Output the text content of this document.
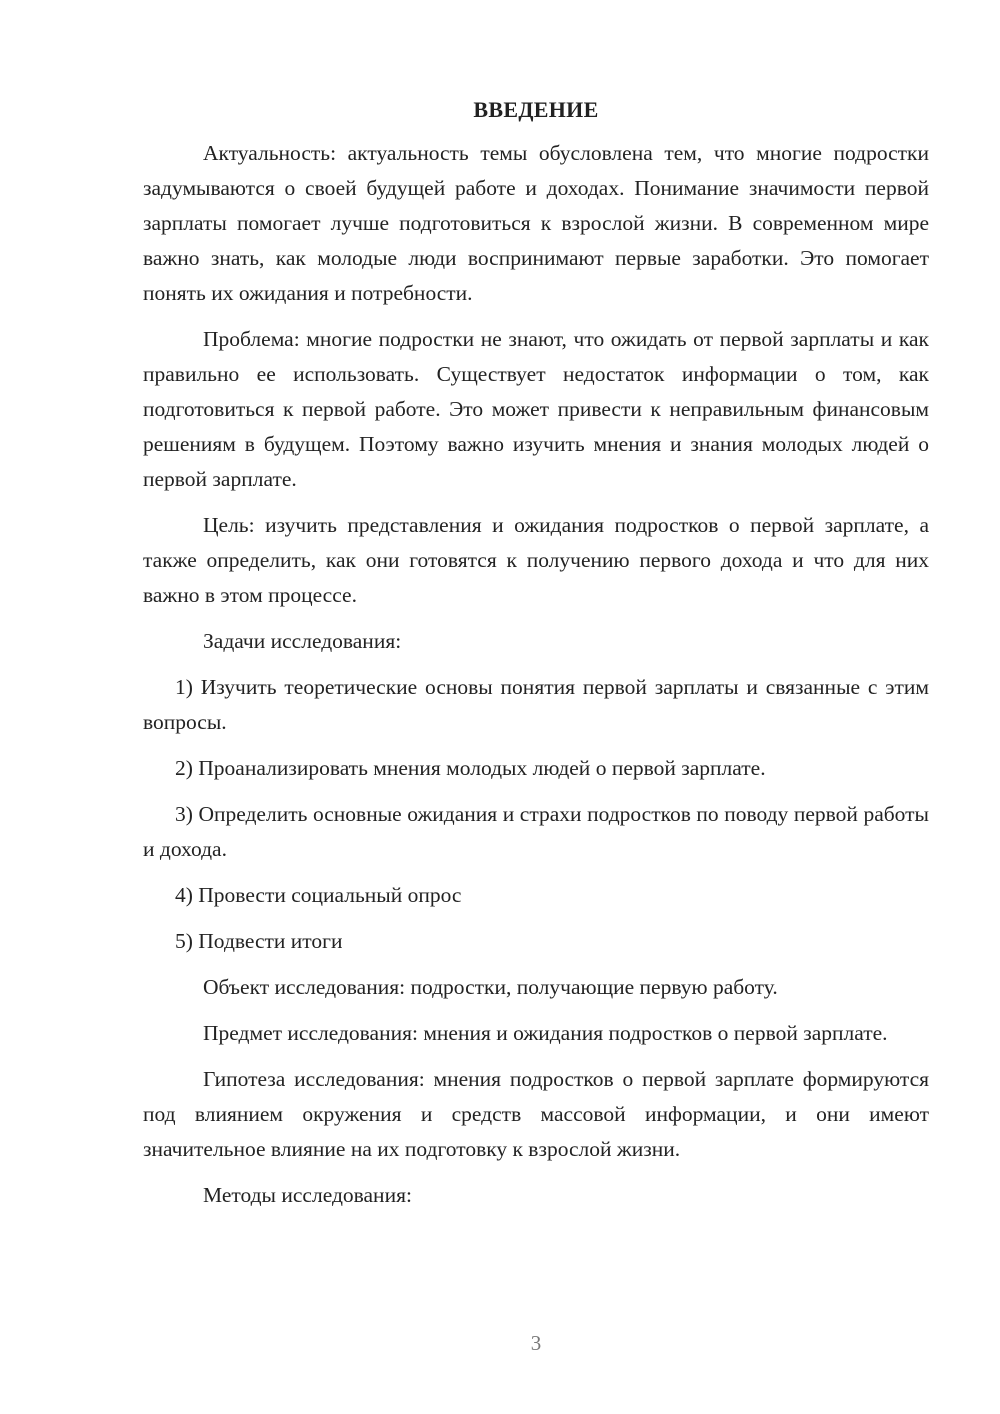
ВВЕДЕНИЕ

Актуальность: актуальность темы обусловлена тем, что многие подростки задумываются о своей будущей работе и доходах. Понимание значимости первой зарплаты помогает лучше подготовиться к взрослой жизни. В современном мире важно знать, как молодые люди воспринимают первые заработки. Это помогает понять их ожидания и потребности.

Проблема: многие подростки не знают, что ожидать от первой зарплаты и как правильно ее использовать. Существует недостаток информации о том, как подготовиться к первой работе. Это может привести к неправильным финансовым решениям в будущем. Поэтому важно изучить мнения и знания молодых людей о первой зарплате.

Цель: изучить представления и ожидания подростков о первой зарплате, а также определить, как они готовятся к получению первого дохода и что для них важно в этом процессе.

Задачи исследования:

1) Изучить теоретические основы понятия первой зарплаты и связанные с этим вопросы.

2) Проанализировать мнения молодых людей о первой зарплате.

3) Определить основные ожидания и страхи подростков по поводу первой работы и дохода.

4) Провести социальный опрос

5) Подвести итоги

Объект исследования: подростки, получающие первую работу.

Предмет исследования: мнения и ожидания подростков о первой зарплате.

Гипотеза исследования: мнения подростков о первой зарплате формируются под влиянием окружения и средств массовой информации, и они имеют значительное влияние на их подготовку к взрослой жизни.

Методы исследования:

3
